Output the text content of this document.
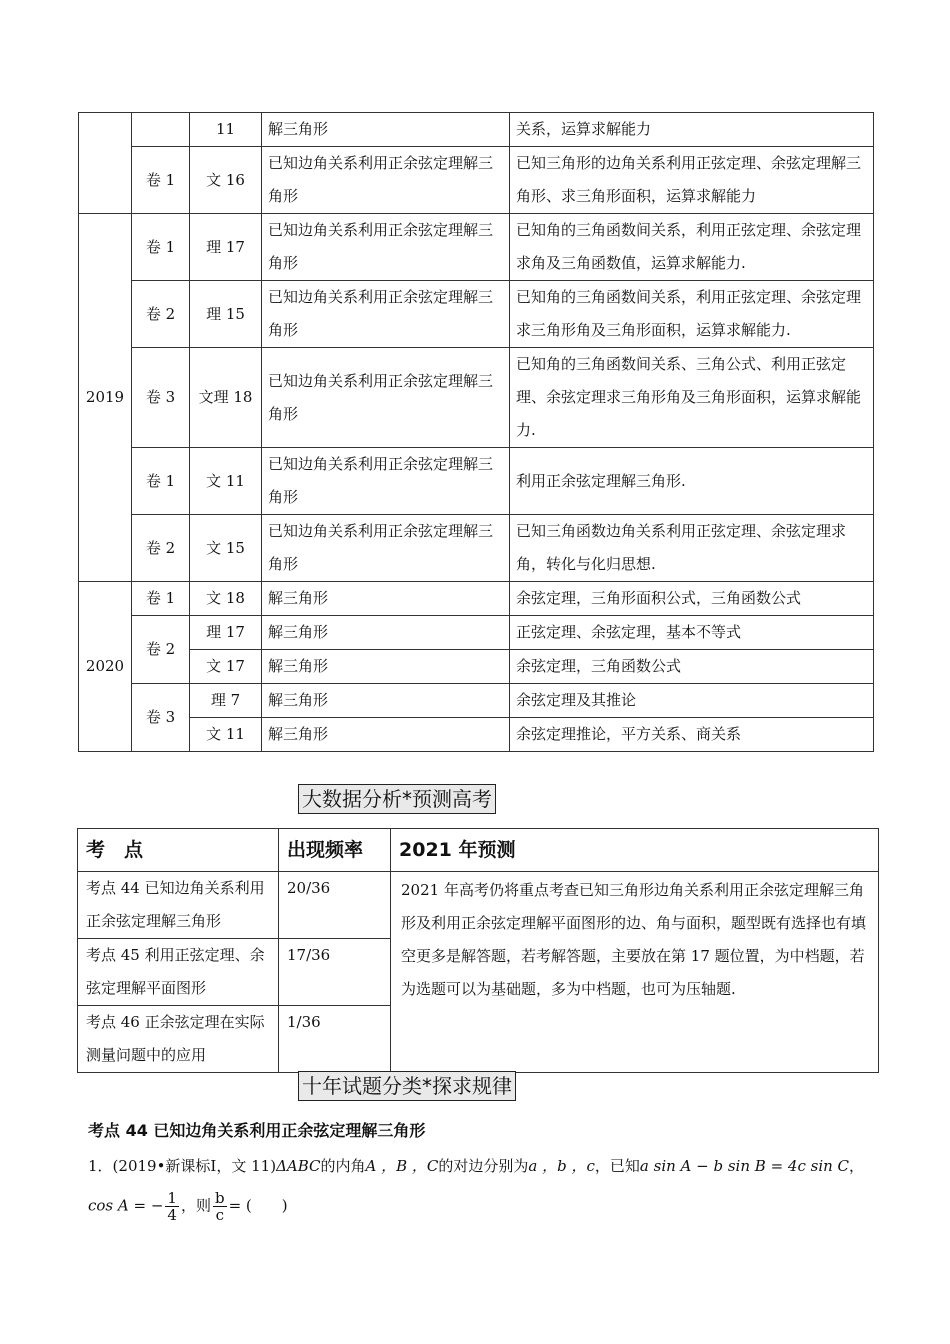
		11	解三角形	关系，运算求解能力
	卷 1	文 16	已知边角关系利用正余弦定理解三角形	已知三角形的边角关系利用正弦定理、余弦定理解三角形、求三角形面积，运算求解能力
2019	卷 1	理 17	已知边角关系利用正余弦定理解三角形	已知角的三角函数间关系，利用正弦定理、余弦定理求角及三角函数值，运算求解能力.
	卷 2	理 15	已知边角关系利用正余弦定理解三角形	已知角的三角函数间关系，利用正弦定理、余弦定理求三角形角及三角形面积，运算求解能力.
	卷 3	文理 18	已知边角关系利用正余弦定理解三角形	已知角的三角函数间关系、三角公式、利用正弦定理、余弦定理求三角形角及三角形面积，运算求解能力.
	卷 1	文 11	已知边角关系利用正余弦定理解三角形	利用正余弦定理解三角形.
	卷 2	文 15	已知边角关系利用正余弦定理解三角形	已知三角函数边角关系利用正弦定理、余弦定理求角，转化与化归思想.
2020	卷 1	文 18	解三角形	余弦定理，三角形面积公式，三角函数公式
	卷 2	理 17	解三角形	正弦定理、余弦定理，基本不等式
		文 17	解三角形	余弦定理，三角函数公式
	卷 3	理 7	解三角形	余弦定理及其推论
		文 11	解三角形	余弦定理推论，平方关系、商关系
大数据分析*预测高考
考　点	出现频率	2021 年预测
考点 44 已知边角关系利用正余弦定理解三角形	20/36	2021 年高考仍将重点考查已知三角形边角关系利用正余弦定理解三角形及利用正余弦定理解平面图形的边、角与面积，题型既有选择也有填空更多是解答题，若考解答题，主要放在第 17 题位置，为中档题，若为选题可以为基础题，多为中档题，也可为压轴题.
考点 45 利用正弦定理、余弦定理解平面图形	17/36	
考点 46 正余弦定理在实际测量问题中的应用	1/36	
十年试题分类*探求规律
考点 44 已知边角关系利用正余弦定理解三角形
1．(2019•新课标Ⅰ，文 11)ΔABC的内角A ，B ，C的对边分别为a ，b ，c，已知a sin A − b sin B = 4c sin C，
cos A = − $\frac{1}{4}$ ，则 $\frac{b}{c}$ = (　　)
